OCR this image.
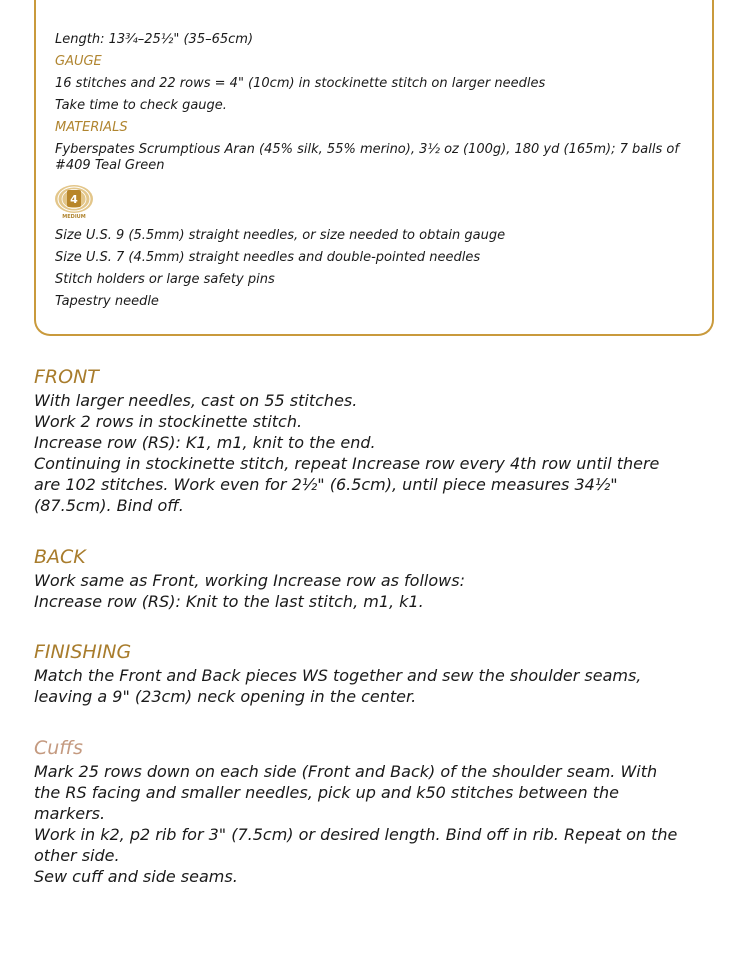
Length: 13¾–25½" (35–65cm)
GAUGE
16 stitches and 22 rows = 4" (10cm) in stockinette stitch on larger needles
Take time to check gauge.
MATERIALS
Fyberspates Scrumptious Aran (45% silk, 55% merino), 3½ oz (100g), 180 yd (165m); 7 balls of
#409 Teal Green
4
MEDIUM
Size U.S. 9 (5.5mm) straight needles, or size needed to obtain gauge
Size U.S. 7 (4.5mm) straight needles and double-pointed needles
Stitch holders or large safety pins
Tapestry needle
FRONT
With larger needles, cast on 55 stitches.
Work 2 rows in stockinette stitch.
Increase row (RS): K1, m1, knit to the end.
Continuing in stockinette stitch, repeat Increase row every 4th row until there
are 102 stitches. Work even for 2½" (6.5cm), until piece measures 34½"
(87.5cm). Bind off.
BACK
Work same as Front, working Increase row as follows:
Increase row (RS): Knit to the last stitch, m1, k1.
FINISHING
Match the Front and Back pieces WS together and sew the shoulder seams,
leaving a 9" (23cm) neck opening in the center.
Cuffs
Mark 25 rows down on each side (Front and Back) of the shoulder seam. With
the RS facing and smaller needles, pick up and k50 stitches between the
markers.
Work in k2, p2 rib for 3" (7.5cm) or desired length. Bind off in rib. Repeat on the
other side.
Sew cuff and side seams.
